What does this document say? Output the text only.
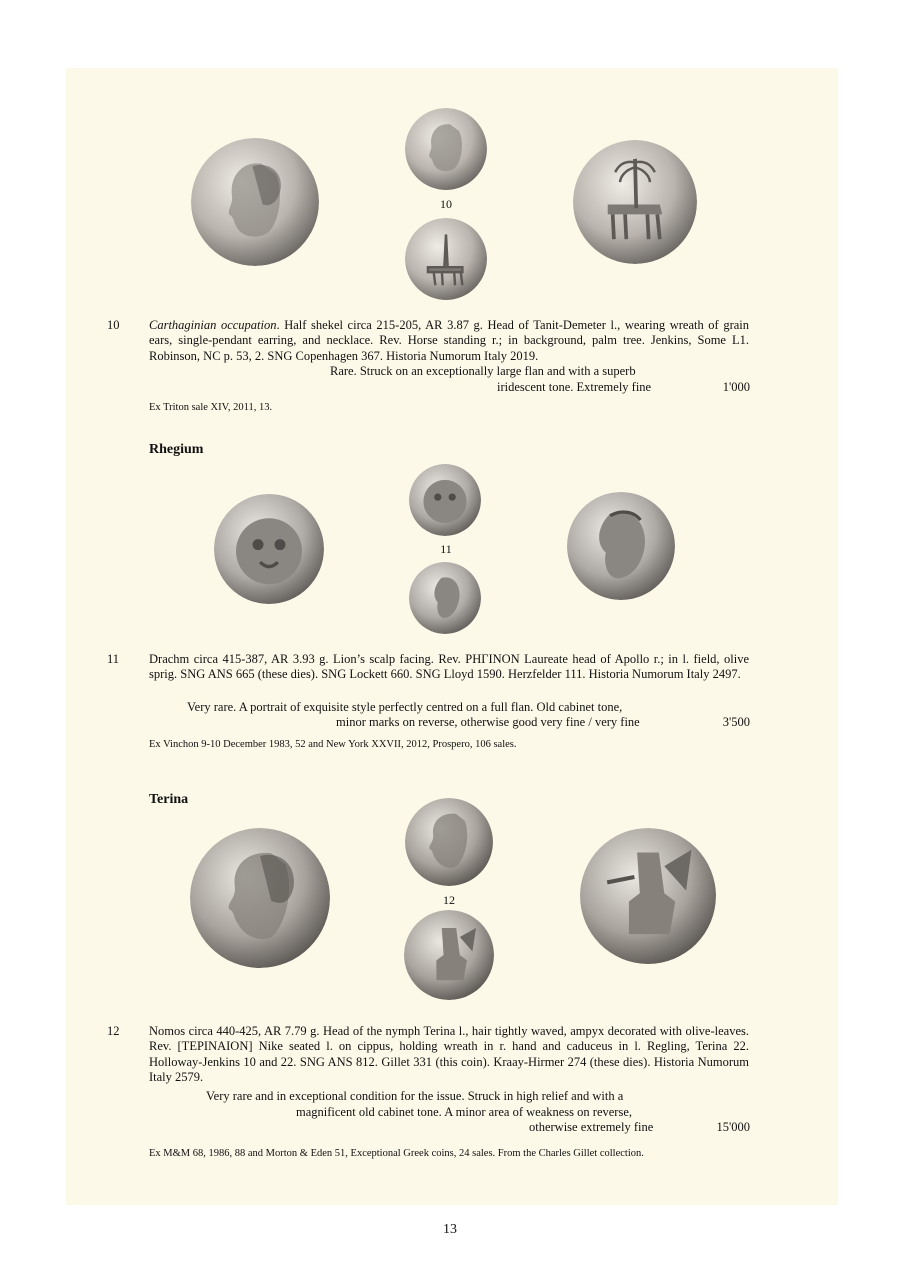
10
10 Carthaginian occupation. Half shekel circa 215-205, AR 3.87 g. Head of Tanit-Demeter l., wearing wreath of grain ears, single-pendant earring, and necklace. Rev. Horse standing r.; in background, palm tree. Jenkins, Some L1. Robinson, NC p. 53, 2. SNG Copenhagen 367. Historia Numorum Italy 2019.
Rare. Struck on an exceptionally large flan and with a superb
iridescent tone. Extremely fine	1'000
Ex Triton sale XIV, 2011, 13.
Rhegium
11
11 Drachm circa 415-387, AR 3.93 g. Lion’s scalp facing. Rev. ΡΗΓΙΝΟΝ Laureate head of Apollo r.; in l. field, olive sprig. SNG ANS 665 (these dies). SNG Lockett 660. SNG Lloyd 1590. Herzfelder 111. Historia Numorum Italy 2497.
Very rare. A portrait of exquisite style perfectly centred on a full flan. Old cabinet tone,
minor marks on reverse, otherwise good very fine / very fine	3'500
Ex Vinchon 9-10 December 1983, 52 and New York XXVII, 2012, Prospero, 106 sales.
Terina
12
12 Nomos circa 440-425, AR 7.79 g. Head of the nymph Terina l., hair tightly waved, ampyx decorated with olive-leaves. Rev. [ΤΕΡΙΝΑΙΟΝ] Nike seated l. on cippus, holding wreath in r. hand and caduceus in l. Regling, Terina 22. Holloway-Jenkins 10 and 22. SNG ANS 812. Gillet 331 (this coin). Kraay-Hirmer 274 (these dies). Historia Numorum Italy 2579.
Very rare and in exceptional condition for the issue. Struck in high relief and with a
magnificent old cabinet tone. A minor area of weakness on reverse,
otherwise extremely fine	15'000
Ex M&M 68, 1986, 88 and Morton & Eden 51, Exceptional Greek coins, 24 sales. From the Charles Gillet collection.
13
